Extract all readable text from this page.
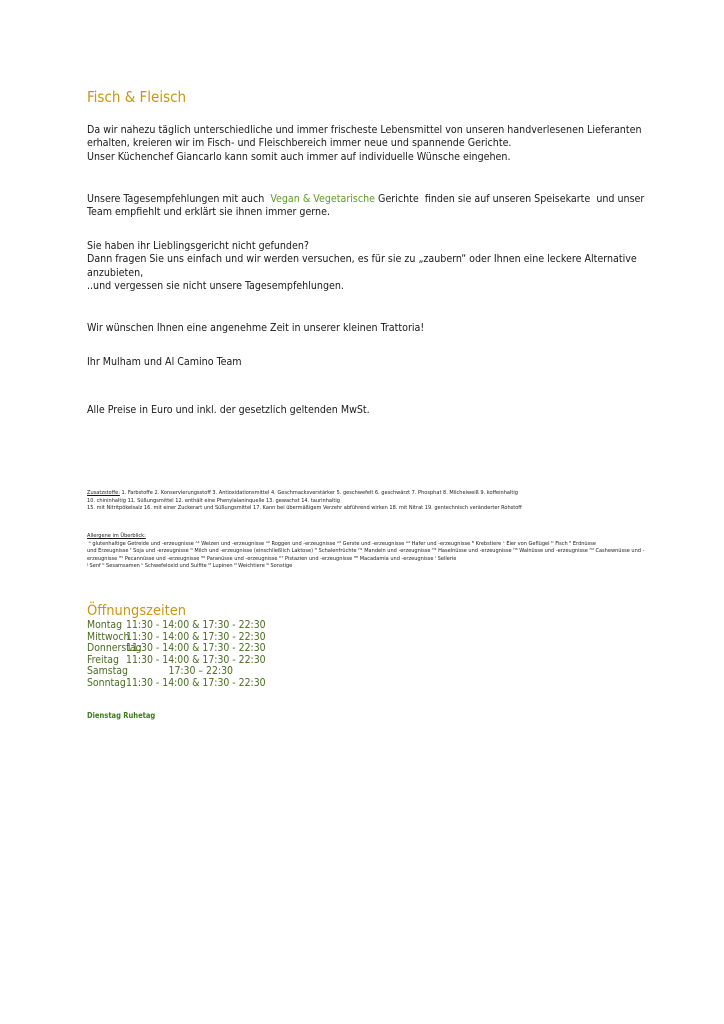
Fisch & Fleisch

Da wir nahezu täglich unterschiedliche und immer frischeste Lebensmittel von unseren handverlesenen Lieferanten

erhalten, kreieren wir im Fisch- und Fleischbereich immer neue und spannende Gerichte.

Unser Küchenchef Giancarlo kann somit auch immer auf individuelle Wünsche eingehen.

Unsere Tagesempfehlungen mit auch  Vegan & Vegetarische Gerichte  finden sie auf unseren Speisekarte  und unser

Team empfiehlt und erklärt sie ihnen immer gerne.

Sie haben ihr Lieblingsgericht nicht gefunden?

Dann fragen Sie uns einfach und wir werden versuchen, es für sie zu „zaubern“ oder Ihnen eine leckere Alternative

anzubieten,

..und vergessen sie nicht unsere Tagesempfehlungen.

Wir wünschen Ihnen eine angenehme Zeit in unserer kleinen Trattoria!
Ihr Mulham und Al Camino Team
Alle Preise in Euro und inkl. der gesetzlich geltenden MwSt.

Zusatzstoffe: 1. Farbstoffe 2. Konservierungsstoff 3. Antioxidationsmittel 4. Geschmacksverstärker 5. geschwefelt 6. geschwärzt 7. Phosphat 8. Milcheiweiß 9. koffeinhaltig

10. chininhaltig 11. Süßungsmittel 12. enthält eine Phenylalaninquelle 13. gewachst 14. taurinhaltig

15. mit Nitritpökelsalz 16. mit einer Zuckerart und Süßungsmittel 17. Kann bei übermäßigem Verzehr abführend wirken 18. mit Nitrat 19. gentechnisch veränderter Rohstoff

Allergene im Überblick: ᴬ glutenhaltige Getreide und -erzeugnisse ᴬ¹ Weizen und -erzeugnisse ᴬ² Roggen und -erzeugnisse ᴬ³ Gerste und -erzeugnisse ᴬ⁴ Hafer und -erzeugnisse ᴮ Krebstiere ᶜ Eier von Geflügel ᴰ Fisch ᴱ Erdnüsse

und Erzeugnisse ᶠ Soja und -erzeugnisse ᴳ Milch und -erzeugnisse (einschließlich Laktose) ᴴ Schalenfrüchte ᴴ¹ Mandeln und -erzeugnisse ᴴ² Haselnüsse und -erzeugnisse ᴴ³ Walnüsse und -erzeugnisse ᴴ⁴ Cashewnüsse und -

erzeugnisse ᴴ⁵ Pecannüsse und -erzeugnisse ᴴ⁶ Paranüsse und -erzeugnisse ᴴ⁷ Pistazien und -erzeugnisse ᴴ⁸ Macadamia und -erzeugnisse ᴵ Sellerie

ᴶ Senf ᴷ Sesamsamen ᴸ Schwefeloxid und Sulfite ᴹ Lupinen ᴺ Weichtiere ᴼ Sonstige

Öffnungszeiten
Montag 11:30 - 14:00 & 17:30 - 22:30
Mittwoch
11:30 - 14:00 & 17:30 - 22:30
Donnerstag
11:30 - 14:00 & 17:30 - 22:30
Freitag 11:30 - 14:00 & 17:30 - 22:30
Samstag	17:30 – 22:30
Sonntag 11:30 - 14:00 & 17:30 - 22:30
Dienstag Ruhetag
